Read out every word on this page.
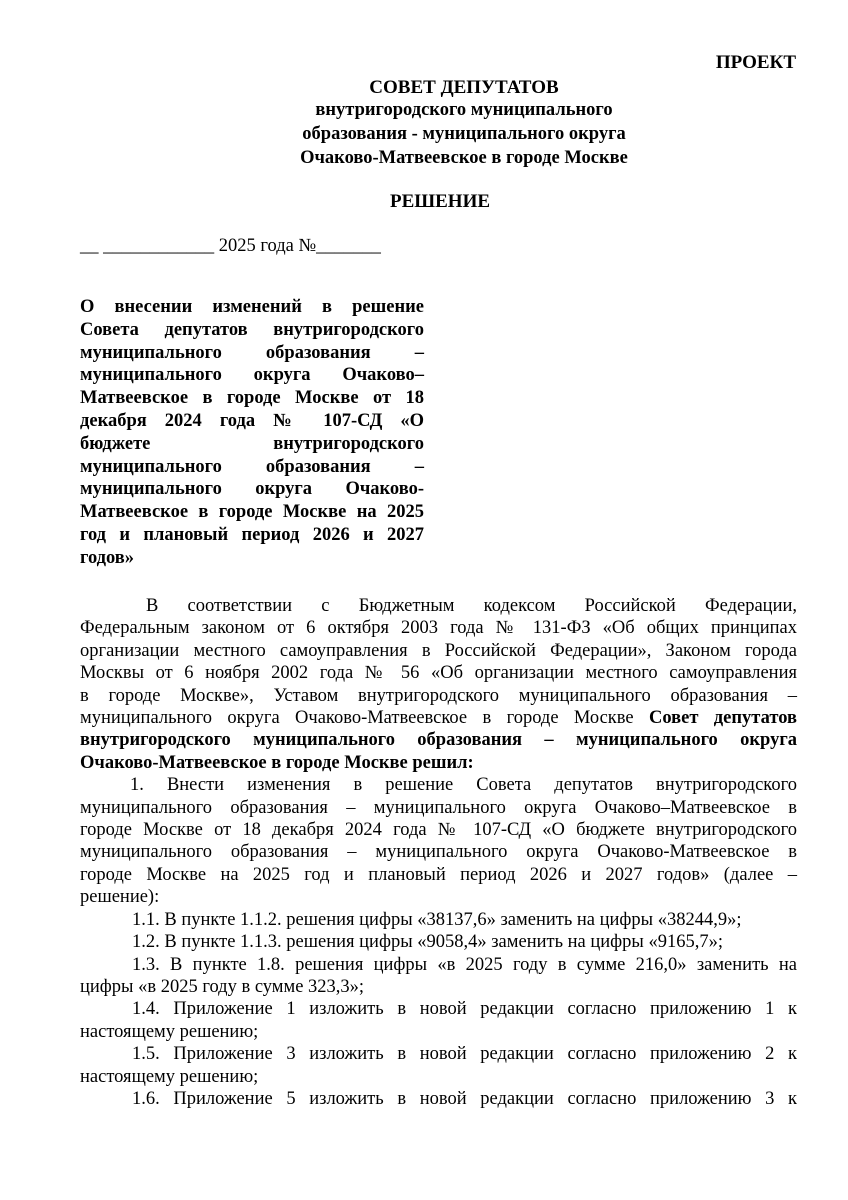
ПРОЕКТ
СОВЕТ ДЕПУТАТОВ
внутригородского муниципального
образования - муниципального округа
Очаково-Матвеевское в городе Москве
РЕШЕНИЕ
__ ____________ 2025 года №_______
О внесении изменений в решение
Совета депутатов внутригородского
муниципального образования –
муниципального округа Очаково–
Матвеевское в городе Москве от 18
декабря 2024 года № 107-СД «О
бюджете внутригородского
муниципального образования –
муниципального округа Очаково-
Матвеевское в городе Москве на 2025
год и плановый период 2026 и 2027
годов»
В соответствии с Бюджетным кодексом Российской Федерации,
Федеральным законом от 6 октября 2003 года № 131-ФЗ «Об общих принципах
организации местного самоуправления в Российской Федерации», Законом города
Москвы от 6 ноября 2002 года № 56 «Об организации местного самоуправления
в городе Москве», Уставом внутригородского муниципального образования –
муниципального округа Очаково-Матвеевское в городе Москве Совет депутатов
внутригородского муниципального образования – муниципального округа
Очаково-Матвеевское в городе Москве решил:
1. Внести изменения в решение Совета депутатов внутригородского
муниципального образования – муниципального округа Очаково–Матвеевское в
городе Москве от 18 декабря 2024 года № 107-СД «О бюджете внутригородского
муниципального образования – муниципального округа Очаково-Матвеевское в
городе Москве на 2025 год и плановый период 2026 и 2027 годов» (далее –
решение):
1.1. В пункте 1.1.2. решения цифры «38137,6» заменить на цифры «38244,9»;
1.2. В пункте 1.1.3. решения цифры «9058,4» заменить на цифры «9165,7»;
1.3. В пункте 1.8. решения цифры «в 2025 году в сумме 216,0» заменить на
цифры «в 2025 году в сумме 323,3»;
1.4. Приложение 1 изложить в новой редакции согласно приложению 1 к
настоящему решению;
1.5. Приложение 3 изложить в новой редакции согласно приложению 2 к
настоящему решению;
1.6. Приложение 5 изложить в новой редакции согласно приложению 3 к
